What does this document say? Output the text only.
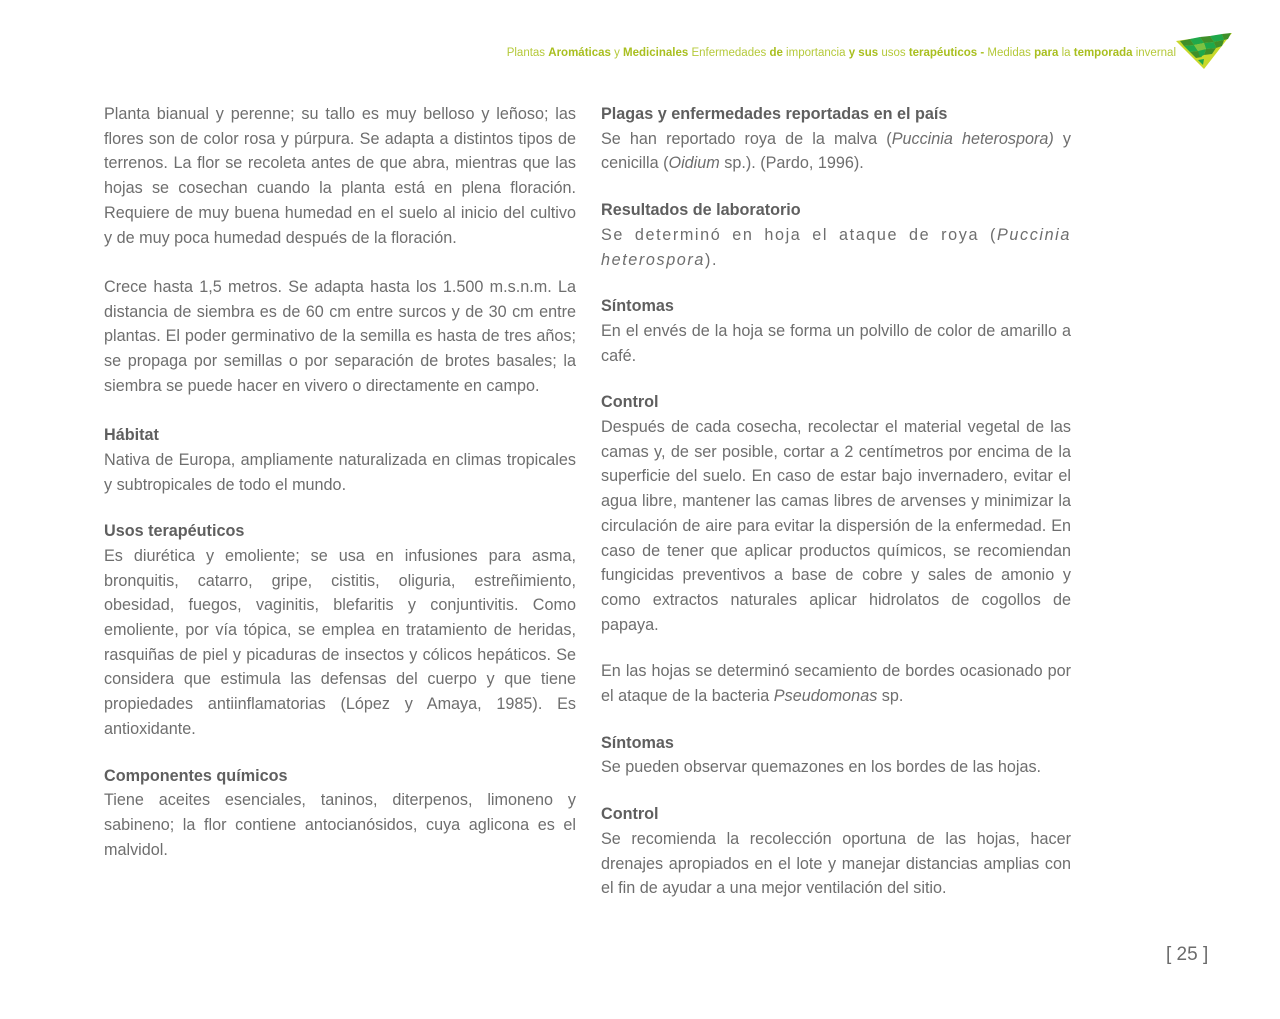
Plantas Aromáticas y Medicinales Enfermedades de importancia y sus usos terapéuticos - Medidas para la temporada invernal

Planta bianual y perenne; su tallo es muy belloso y leñoso; las flores son de color rosa y púrpura. Se adapta a distintos tipos de terrenos. La flor se recoleta antes de que abra, mientras que las hojas se cosechan cuando la planta está en plena floración. Requiere de muy buena humedad en el suelo al inicio del cultivo y de muy poca humedad después de la floración.

Crece hasta 1,5 metros. Se adapta hasta los 1.500 m.s.n.m. La distancia de siembra es de 60 cm entre surcos y de 30 cm entre plantas. El poder germinativo de la semilla es hasta de tres años; se propaga por semillas o por separación de brotes basales; la siembra se puede hacer en vivero o directamente en campo.

Hábitat

Nativa de Europa, ampliamente naturalizada en climas tropicales y subtropicales de todo el mundo.

Usos terapéuticos

Es diurética y emoliente; se usa en infusiones para asma, bronquitis, catarro, gripe, cistitis, oliguria, estreñimiento, obesidad, fuegos, vaginitis, blefaritis y conjuntivitis. Como emoliente, por vía tópica, se emplea en tratamiento de heridas, rasquiñas de piel y picaduras de insectos y cólicos hepáticos. Se considera que estimula las defensas del cuerpo y que tiene propiedades antiinflamatorias (López y Amaya, 1985). Es antioxidante.

Componentes químicos

Tiene aceites esenciales, taninos, diterpenos, limoneno y sabineno; la flor contiene antocianósidos, cuya aglicona es el malvidol.

Plagas y enfermedades reportadas en el país

Se han reportado roya de la malva (Puccinia heterospora) y cenicilla (Oidium sp.). (Pardo, 1996).

Resultados de laboratorio

Se determinó en hoja el ataque de roya (Puccinia heterospora).

Síntomas

En el envés de la hoja se forma un polvillo de color de amarillo a café.

Control

Después de cada cosecha, recolectar el material vegetal de las camas y, de ser posible, cortar a 2 centímetros por encima de la superficie del suelo. En caso de estar bajo invernadero, evitar el agua libre, mantener las camas libres de arvenses y minimizar la circulación de aire para evitar la dispersión de la enfermedad. En caso de tener que aplicar productos químicos, se recomiendan fungicidas preventivos a base de cobre y sales de amonio y como extractos naturales aplicar hidrolatos de cogollos de papaya.

En las hojas se determinó secamiento de bordes ocasionado por el ataque de la bacteria Pseudomonas sp.

Síntomas

Se pueden observar quemazones en los bordes de las hojas.

Control

Se recomienda la recolección oportuna de las hojas, hacer drenajes apropiados en el lote y manejar distancias amplias con el fin de ayudar a una mejor ventilación del sitio.

[ 25 ]
